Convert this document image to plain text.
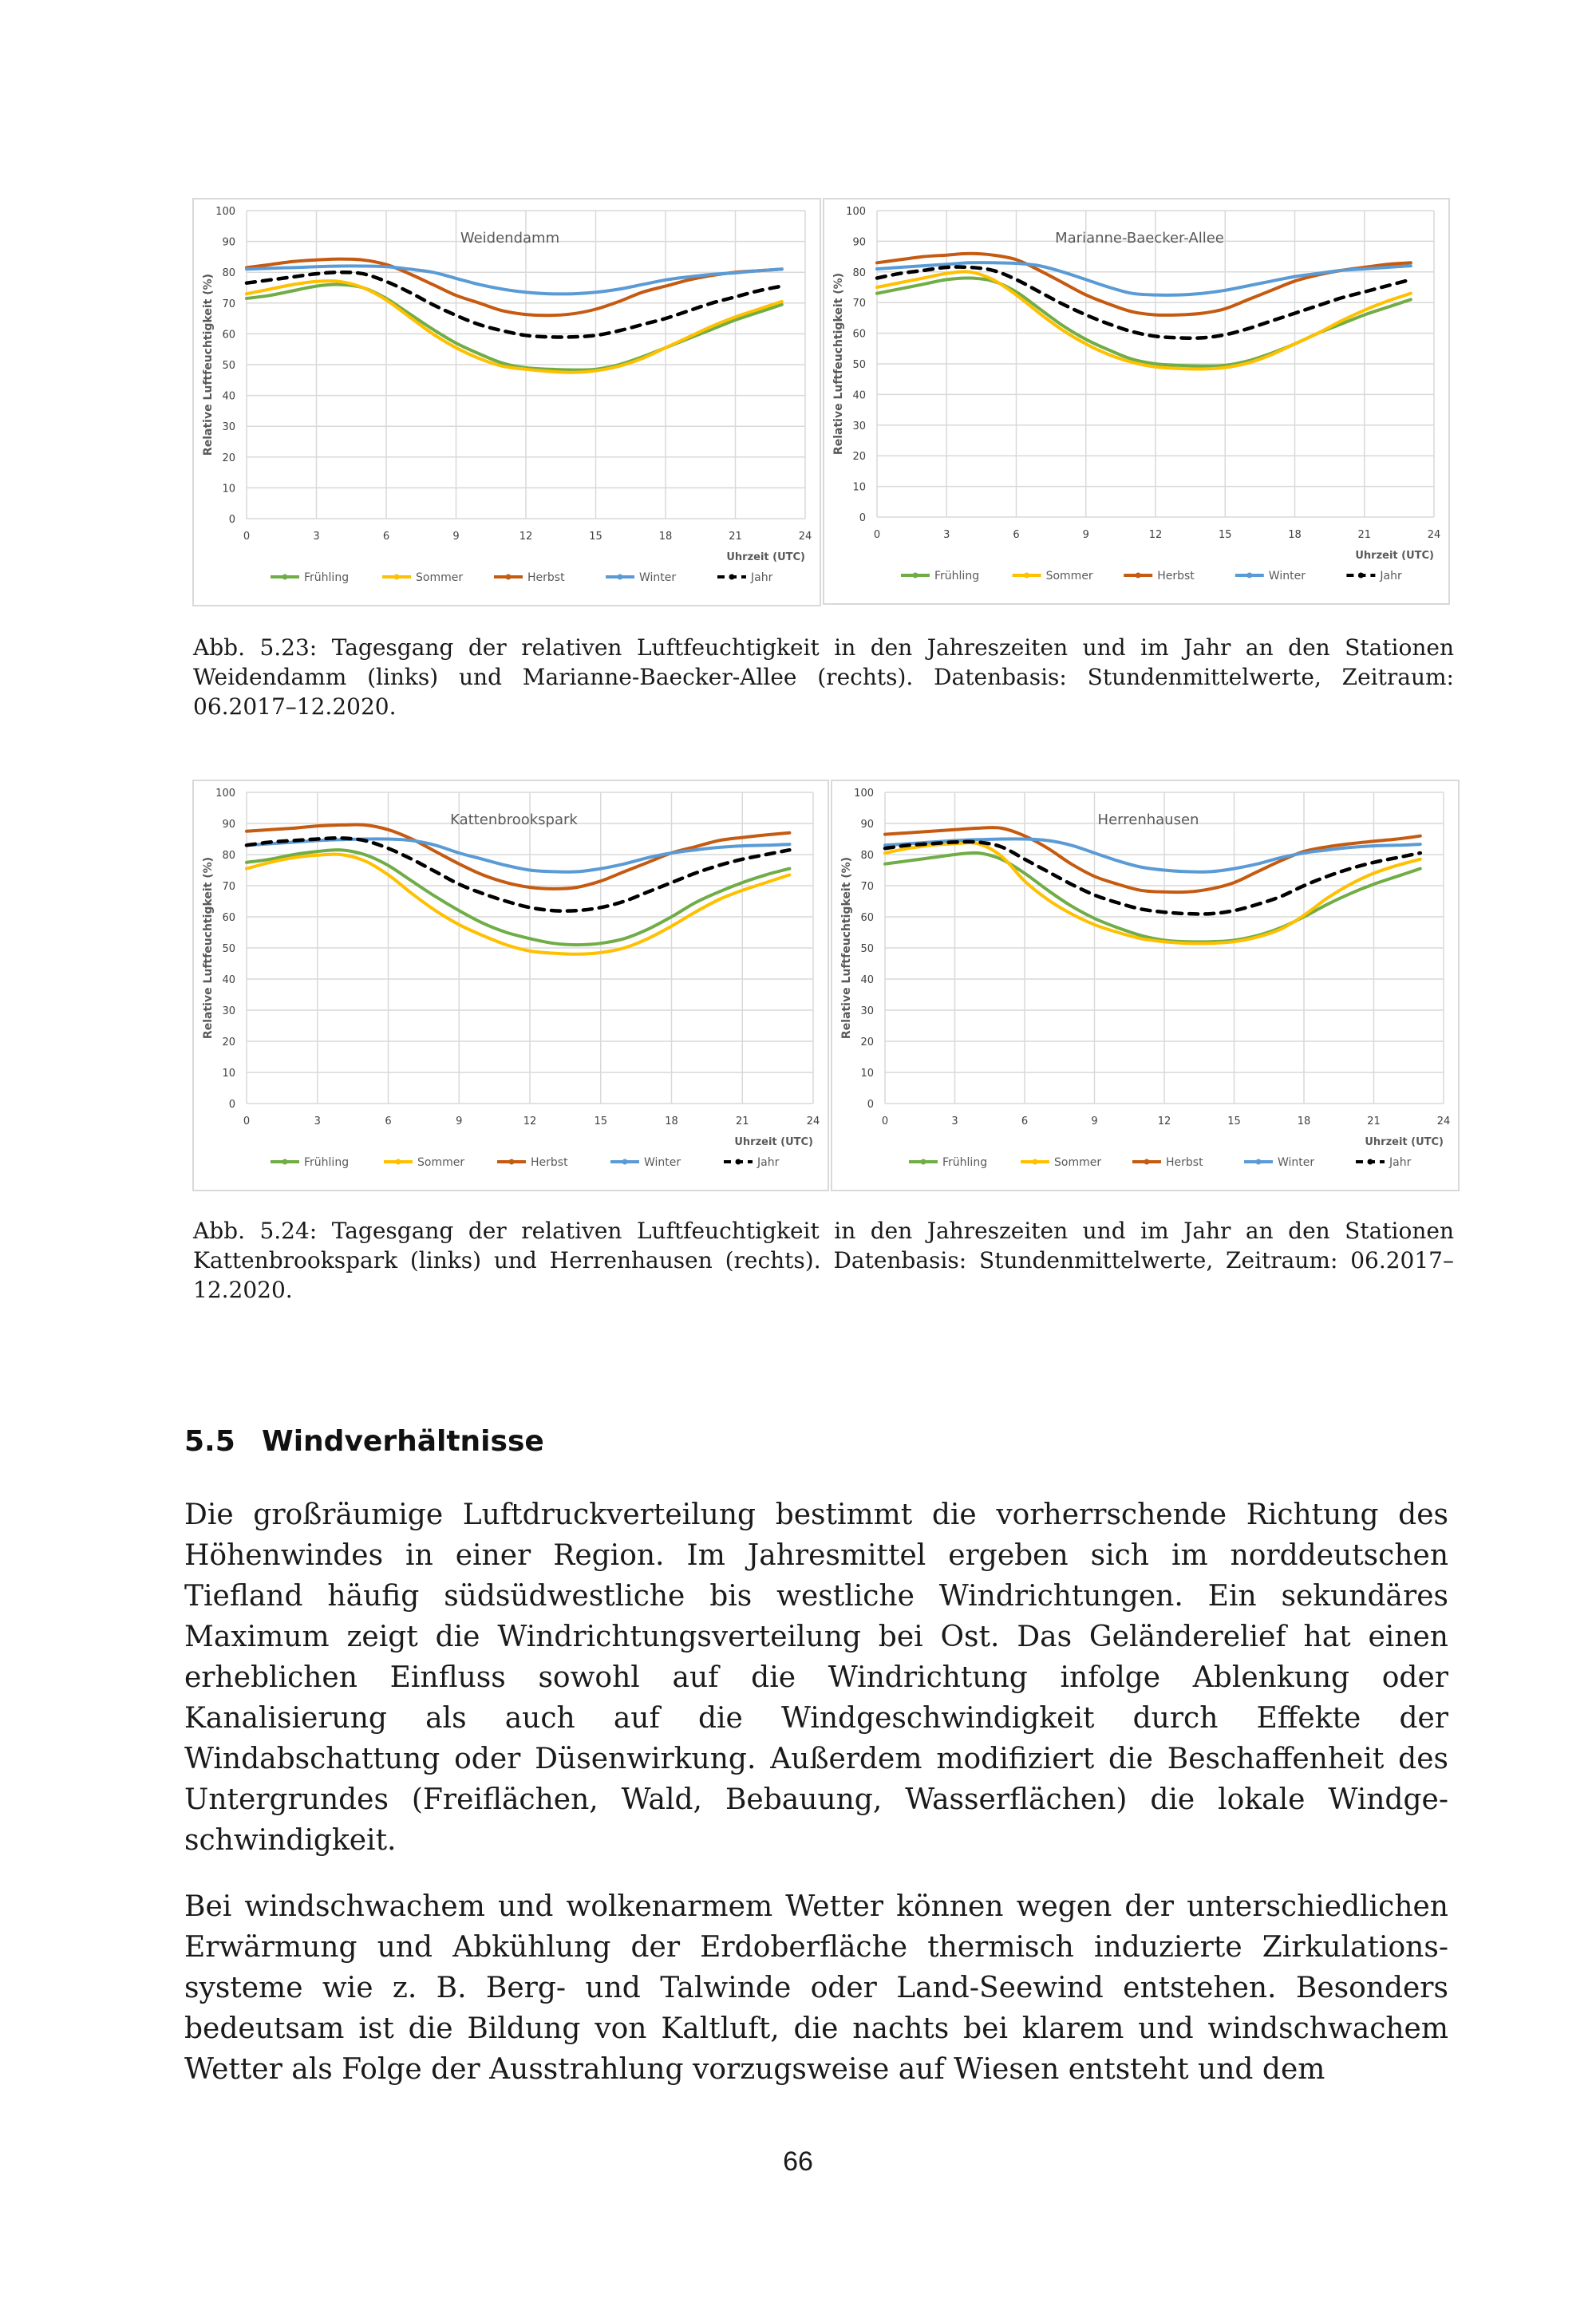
0
10
20
30
40
50
60
70
80
90
100
0	3	6	9	12	15	18	21	24
Weidendamm
Relative Luftfeuchtigkeit (%)
Uhrzeit (UTC)
Frühling	Sommer	Herbst	Winter	Jahr
0
10
20
30
40
50
60
70
80
90
100
0	3	6	9	12	15	18	21	24
Marianne-Baecker-Allee
Relative Luftfeuchtigkeit (%)
Uhrzeit (UTC)
Frühling	Sommer	Herbst	Winter	Jahr

Abb. 5.23: Tagesgang der relativen Luftfeuchtigkeit in den Jahreszeiten und im Jahr an den Stationen Weidendamm (links) und Marianne-Baecker-Allee (rechts). Datenbasis: Stundenmittelwerte, Zeitraum: 06.2017–12.2020.

0
10
20
30
40
50
60
70
80
90
100
0	3	6	9	12	15	18	21	24
Kattenbrookspark
Relative Luftfeuchtigkeit (%)
Uhrzeit (UTC)
Frühling	Sommer	Herbst	Winter	Jahr
0
10
20
30
40
50
60
70
80
90
100
0	3	6	9	12	15	18	21	24
Herrenhausen
Relative Luftfeuchtigkeit (%)
Uhrzeit (UTC)
Frühling	Sommer	Herbst	Winter	Jahr

Abb. 5.24: Tagesgang der relativen Luftfeuchtigkeit in den Jahreszeiten und im Jahr an den Stationen Kattenbrookspark (links) und Herrenhausen (rechts). Datenbasis: Stundenmittelwerte, Zeitraum: 06.2017–12.2020.

5.5 Windverhältnisse

Die großräumige Luftdruckverteilung bestimmt die vorherrschende Richtung des Höhenwindes in einer Region. Im Jahresmittel ergeben sich im norddeutschen Tiefland häufig südsüdwestliche bis westliche Windrichtungen. Ein sekundäres Maximum zeigt die Windrichtungsverteilung bei Ost. Das Geländerelief hat einen erheblichen Einfluss sowohl auf die Windrichtung infolge Ablenkung oder Kanalisierung als auch auf die Windgeschwindigkeit durch Effekte der Windabschattung oder Düsenwirkung. Außerdem modifiziert die Beschaffenheit des Untergrundes (Freiflächen, Wald, Bebauung, Wasserflächen) die lokale Windgeschwindigkeit.

Bei windschwachem und wolkenarmem Wetter können wegen der unterschiedlichen Erwärmung und Abkühlung der Erdoberfläche thermisch induzierte Zirkulationssysteme wie z. B. Berg- und Talwinde oder Land-Seewind entstehen. Besonders bedeutsam ist die Bildung von Kaltluft, die nachts bei klarem und windschwachem Wetter als Folge der Ausstrahlung vorzugsweise auf Wiesen entsteht und dem

66
